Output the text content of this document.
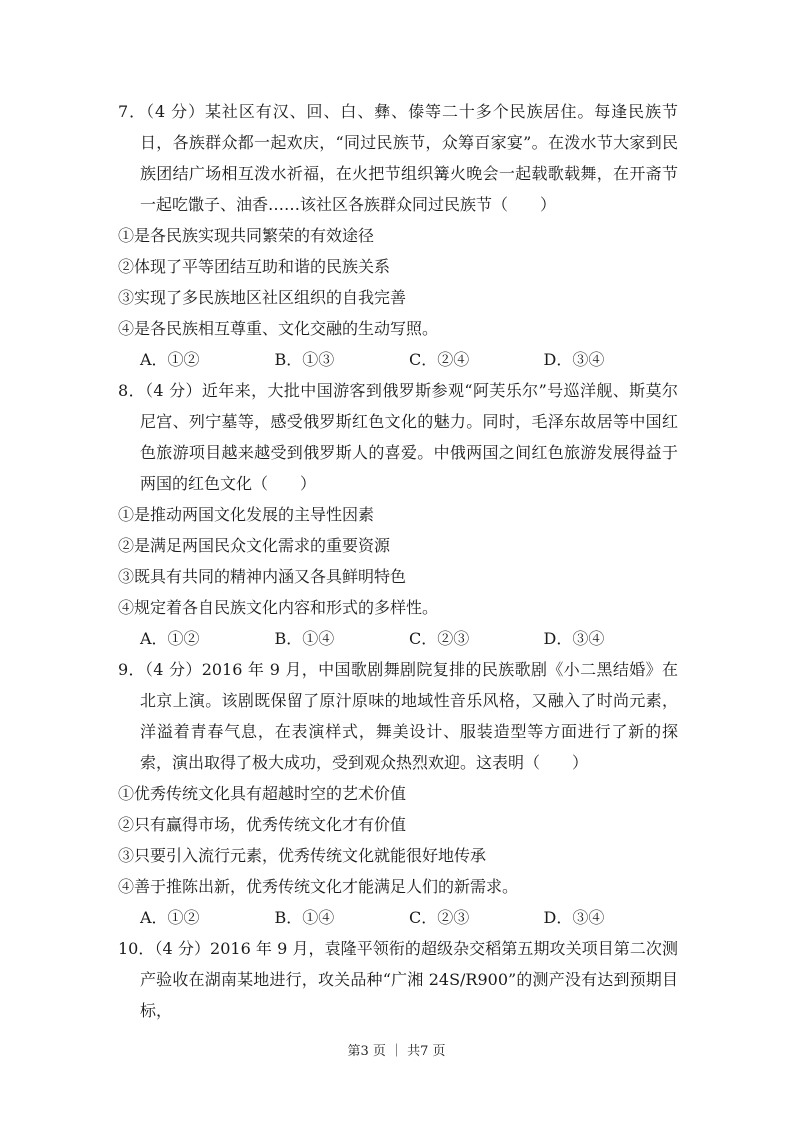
7．（4 分）某社区有汉、回、白、彝、傣等二十多个民族居住。每逢民族节日，各族群众都一起欢庆，“同过民族节，众筹百家宴”。在泼水节大家到民族团结广场相互泼水祈福，在火把节组织篝火晚会一起载歌载舞，在开斋节一起吃馓子、油香……该社区各族群众同过民族节（　　）

①是各民族实现共同繁荣的有效途径

②体现了平等团结互助和谐的民族关系

③实现了多民族地区社区组织的自我完善

④是各民族相互尊重、文化交融的生动写照。

A．①②	B．①③	C．②④	D．③④

8．（4 分）近年来，大批中国游客到俄罗斯参观“阿芙乐尔”号巡洋舰、斯莫尔尼宫、列宁墓等，感受俄罗斯红色文化的魅力。同时，毛泽东故居等中国红色旅游项目越来越受到俄罗斯人的喜爱。中俄两国之间红色旅游发展得益于两国的红色文化（　　）

①是推动两国文化发展的主导性因素

②是满足两国民众文化需求的重要资源

③既具有共同的精神内涵又各具鲜明特色

④规定着各自民族文化内容和形式的多样性。

A．①②	B．①④	C．②③	D．③④

9．（4 分）2016 年 9 月，中国歌剧舞剧院复排的民族歌剧《小二黑结婚》在北京上演。该剧既保留了原汁原味的地域性音乐风格，又融入了时尚元素，洋溢着青春气息，在表演样式，舞美设计、服装造型等方面进行了新的探索，演出取得了极大成功，受到观众热烈欢迎。这表明（　　）

①优秀传统文化具有超越时空的艺术价值

②只有赢得市场，优秀传统文化才有价值

③只要引入流行元素，优秀传统文化就能很好地传承

④善于推陈出新，优秀传统文化才能满足人们的新需求。

A．①②	B．①④	C．②③	D．③④

10．（4 分）2016 年 9 月，袁隆平领衔的超级杂交稻第五期攻关项目第二次测产验收在湖南某地进行，攻关品种“广湘 24S/R900”的测产没有达到预期目标，

第3 页 ｜ 共7 页
